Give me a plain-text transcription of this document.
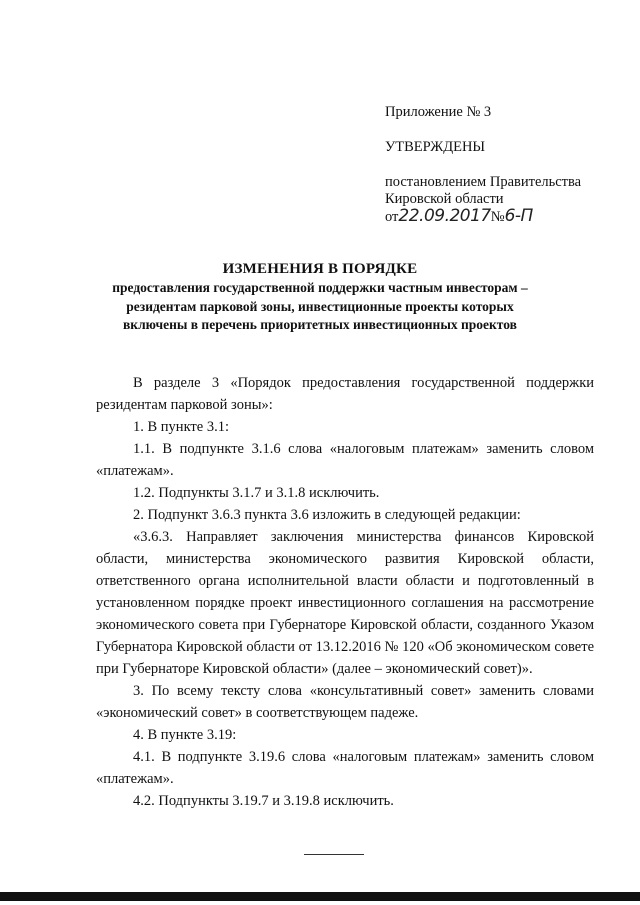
Приложение № 3
УТВЕРЖДЕНЫ
постановлением Правительства
Кировской области
от22.09.2017№6-П
ИЗМЕНЕНИЯ В ПОРЯДКЕ
предоставления государственной поддержки частным инвесторам –
резидентам парковой зоны, инвестиционные проекты которых
включены в перечень приоритетных инвестиционных проектов

В разделе 3 «Порядок предоставления государственной поддержки резидентам парковой зоны»:

1. В пункте 3.1:

1.1. В подпункте 3.1.6 слова «налоговым платежам» заменить словом «платежам».

1.2. Подпункты 3.1.7 и 3.1.8 исключить.

2. Подпункт 3.6.3 пункта 3.6 изложить в следующей редакции:

«3.6.3. Направляет заключения министерства финансов Кировской области, министерства экономического развития Кировской области, ответственного органа исполнительной власти области и подготовленный в установленном порядке проект инвестиционного соглашения на рассмотрение экономического совета при Губернаторе Кировской области, созданного Указом Губернатора Кировской области от 13.12.2016 № 120 «Об экономическом совете при Губернаторе Кировской области» (далее – экономический совет)».

3. По всему тексту слова «консультативный совет» заменить словами «экономический совет» в соответствующем падеже.

4. В пункте 3.19:

4.1. В подпункте 3.19.6 слова «налоговым платежам» заменить словом «платежам».

4.2. Подпункты 3.19.7 и 3.19.8 исключить.
